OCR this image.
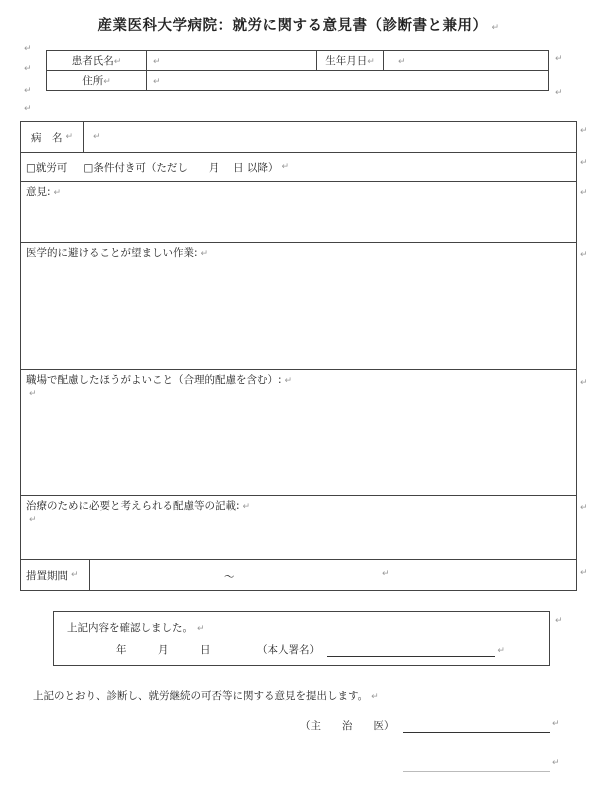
産業医科大学病院：就労に関する意見書（診断書と兼用） ↵
↵
↵
↵
↵
患者氏名↵	↵	生年月日↵	↵
住所↵	↵		
↵
↵
病　名 ↵ ↵
□就労可 □条件付き可（ただし　　月　 日 以降） ↵
意見: ↵
医学的に避けることが望ましい作業: ↵
職場で配慮したほうがよいこと（合理的配慮を含む）: ↵
↵
治療のために必要と考えられる配慮等の記載: ↵
↵
措置期間 ↵	～	↵
↵
↵
↵
↵
↵
↵
↵
上記内容を確認しました。 ↵
年　　　月　　　日	（本人署名）	↵
↵
上記のとおり、診断し、就労継続の可否等に関する意見を提出します。 ↵
（主　　治　　医）	↵
↵
